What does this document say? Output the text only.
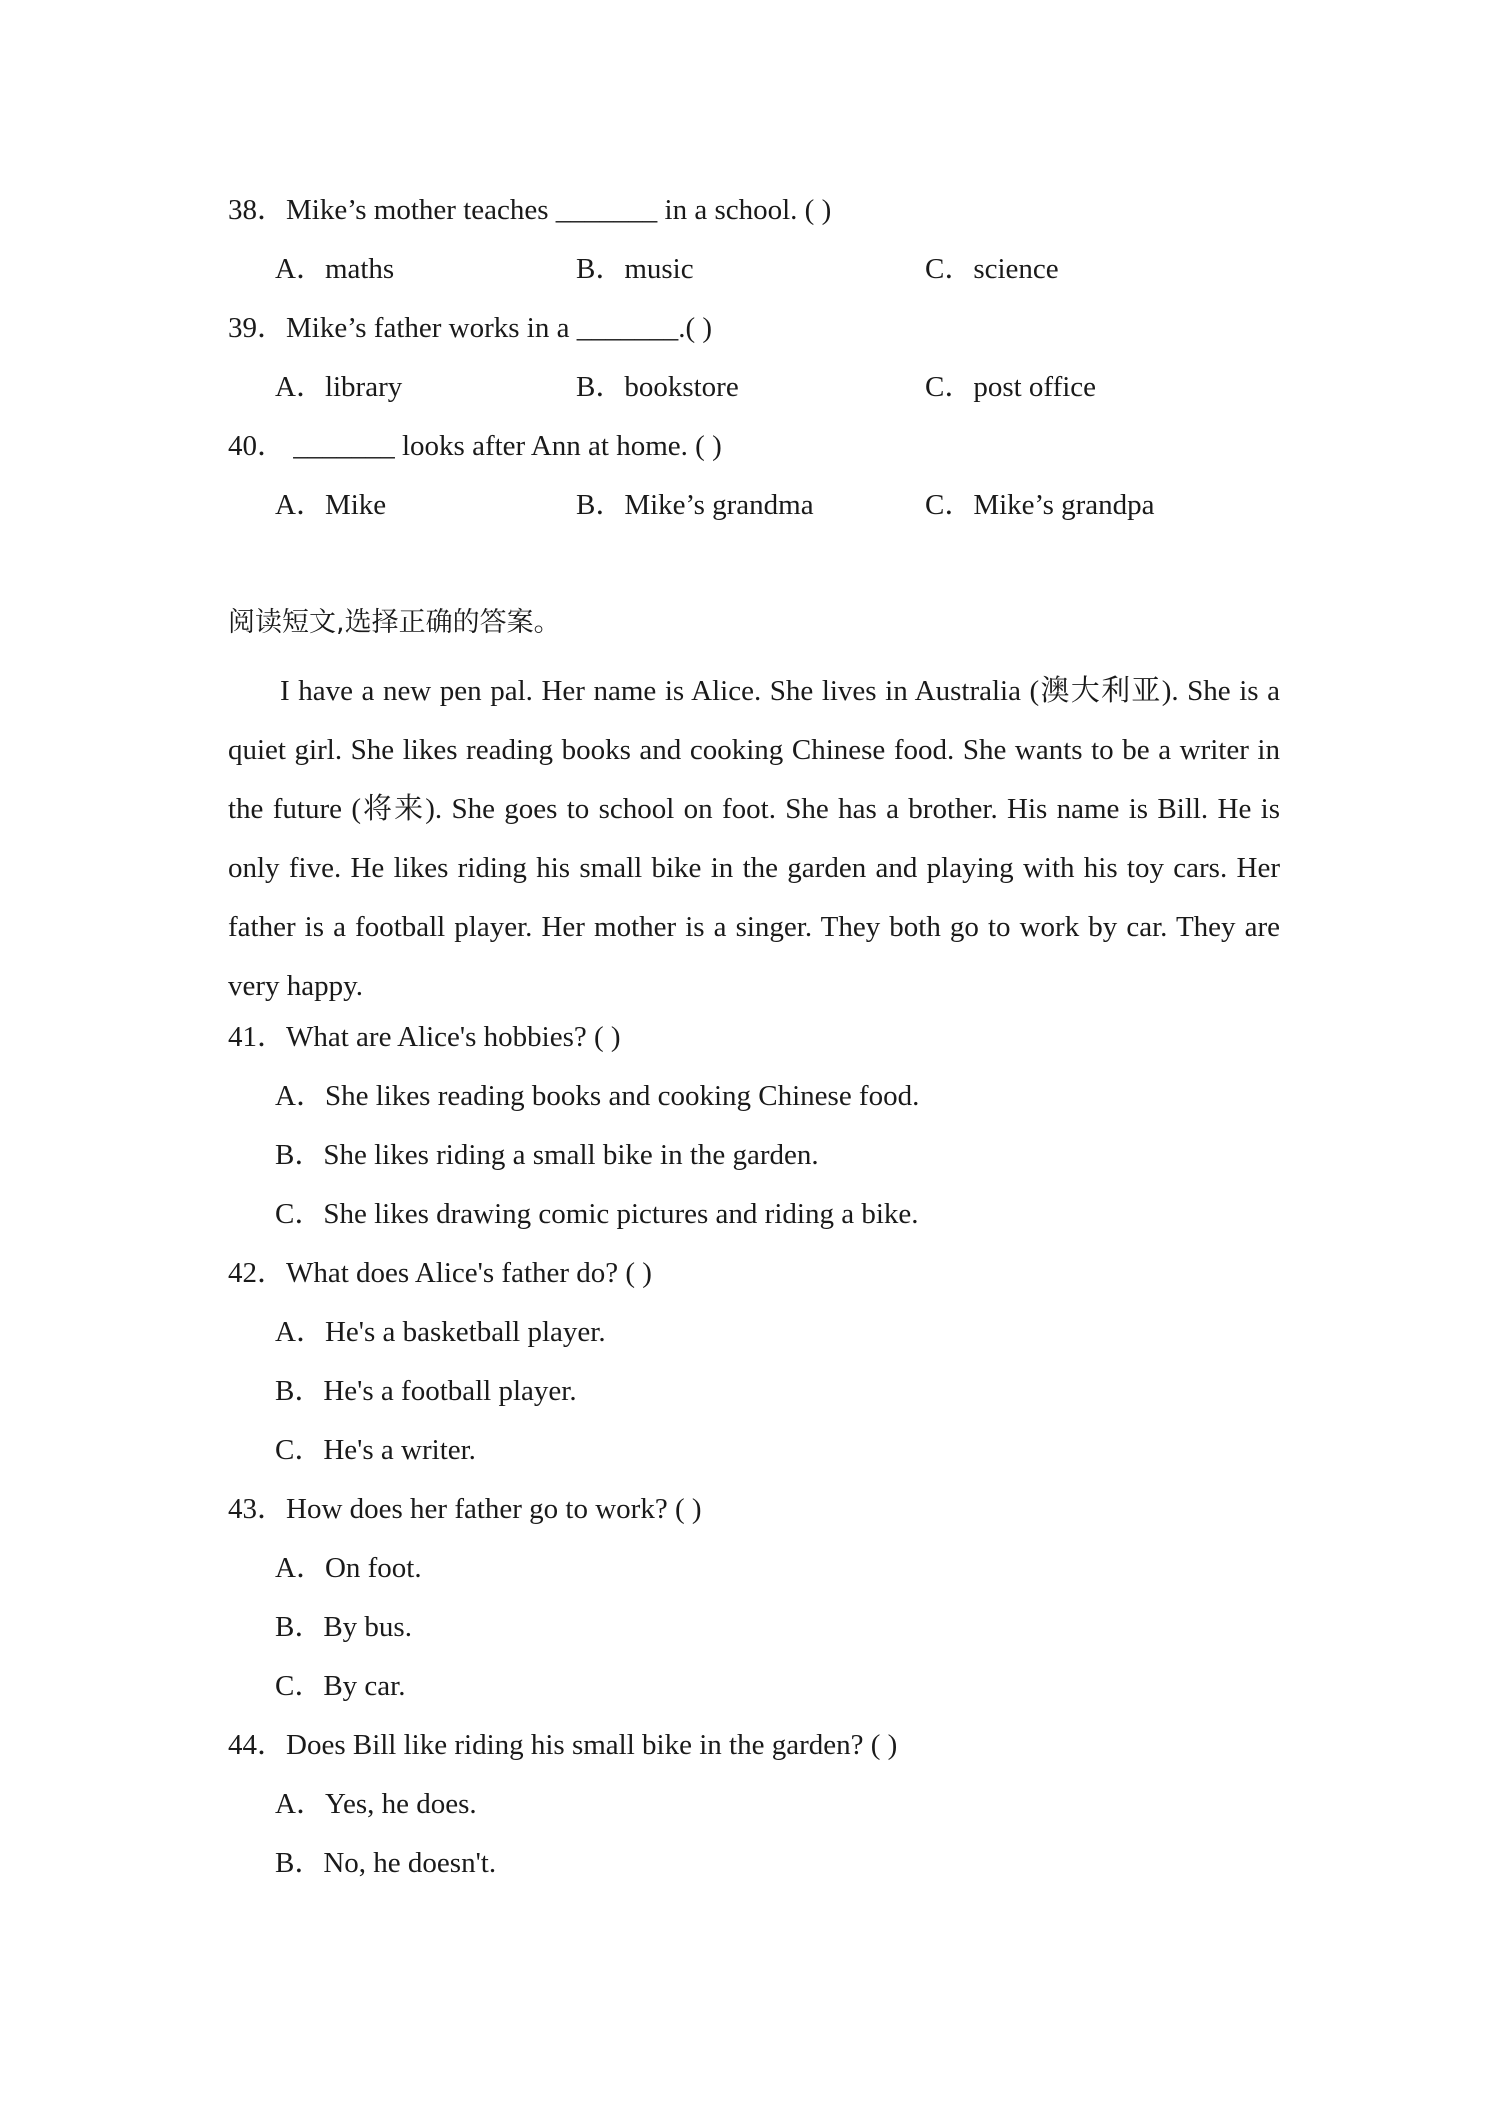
38．Mike’s mother teaches _______ in a school. ( )
A．maths	B．music	C．science
39．Mike’s father works in a _______.( )
A．library	B．bookstore	C．post office
40． _______ looks after Ann at home. ( )
A．Mike	B．Mike’s grandma	C．Mike’s grandpa
阅读短文,选择正确的答案。
I have a new pen pal. Her name is Alice. She lives in Australia (澳大利亚). She is a quiet girl. She likes reading books and cooking Chinese food. She wants to be a writer in the future (将来). She goes to school on foot. She has a brother. His name is Bill. He is only five. He likes riding his small bike in the garden and playing with his toy cars. Her father is a football player. Her mother is a singer. They both go to work by car. They are very happy.
41．What are Alice's hobbies? ( )
A．She likes reading books and cooking Chinese food.
B．She likes riding a small bike in the garden.
C．She likes drawing comic pictures and riding a bike.
42．What does Alice's father do? ( )
A．He's a basketball player.
B．He's a football player.
C．He's a writer.
43．How does her father go to work? ( )
A．On foot.
B．By bus.
C．By car.
44．Does Bill like riding his small bike in the garden? ( )
A．Yes, he does.
B．No, he doesn't.
